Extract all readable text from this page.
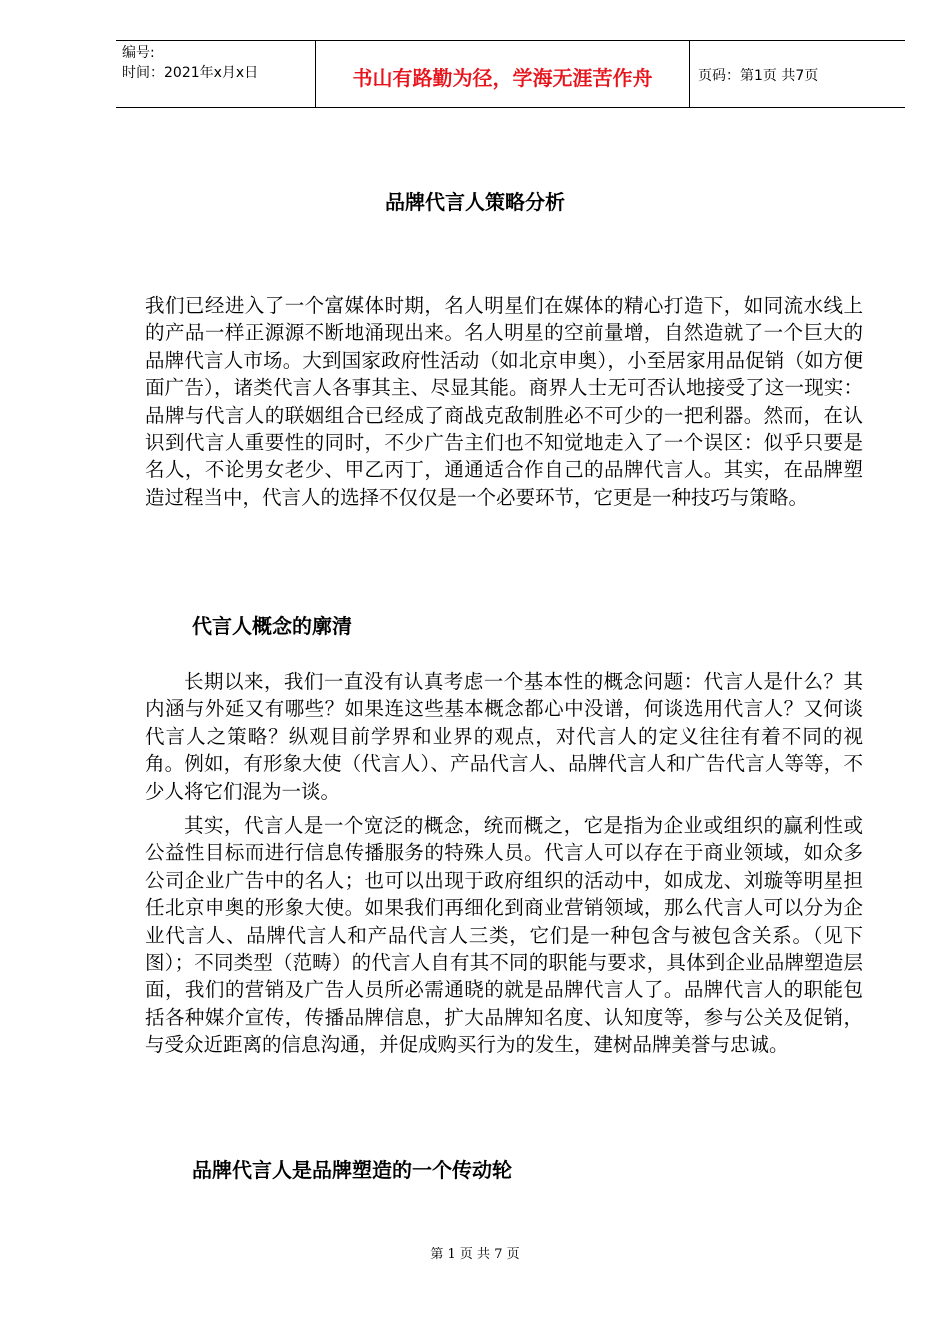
编号:
时间：2021年x月x日	书山有路勤为径，学海无涯苦作舟	页码：第1页 共7页
品牌代言人策略分析

我们已经进入了一个富媒体时期，名人明星们在媒体的精心打造下，如同流水线上的产品一样正源源不断地涌现出来。名人明星的空前量增，自然造就了一个巨大的品牌代言人市场。大到国家政府性活动（如北京申奥），小至居家用品促销（如方便面广告），诸类代言人各事其主、尽显其能。商界人士无可否认地接受了这一现实：品牌与代言人的联姻组合已经成了商战克敌制胜必不可少的一把利器。然而，在认识到代言人重要性的同时，不少广告主们也不知觉地走入了一个误区：似乎只要是名人，不论男女老少、甲乙丙丁，通通适合作自己的品牌代言人。其实，在品牌塑造过程当中，代言人的选择不仅仅是一个必要环节，它更是一种技巧与策略。

代言人概念的廓清

长期以来，我们一直没有认真考虑一个基本性的概念问题：代言人是什么？其内涵与外延又有哪些？如果连这些基本概念都心中没谱，何谈选用代言人？又何谈代言人之策略？纵观目前学界和业界的观点，对代言人的定义往往有着不同的视角。例如，有形象大使（代言人）、产品代言人、品牌代言人和广告代言人等等，不少人将它们混为一谈。

其实，代言人是一个宽泛的概念，统而概之，它是指为企业或组织的赢利性或公益性目标而进行信息传播服务的特殊人员。代言人可以存在于商业领域，如众多公司企业广告中的名人；也可以出现于政府组织的活动中，如成龙、刘璇等明星担任北京申奥的形象大使。如果我们再细化到商业营销领域，那么代言人可以分为企业代言人、品牌代言人和产品代言人三类，它们是一种包含与被包含关系。（见下图）；不同类型（范畴）的代言人自有其不同的职能与要求，具体到企业品牌塑造层面，我们的营销及广告人员所必需通晓的就是品牌代言人了。品牌代言人的职能包括各种媒介宣传，传播品牌信息，扩大品牌知名度、认知度等，参与公关及促销，与受众近距离的信息沟通，并促成购买行为的发生，建树品牌美誉与忠诚。

品牌代言人是品牌塑造的一个传动轮
第 1 页 共 7 页
